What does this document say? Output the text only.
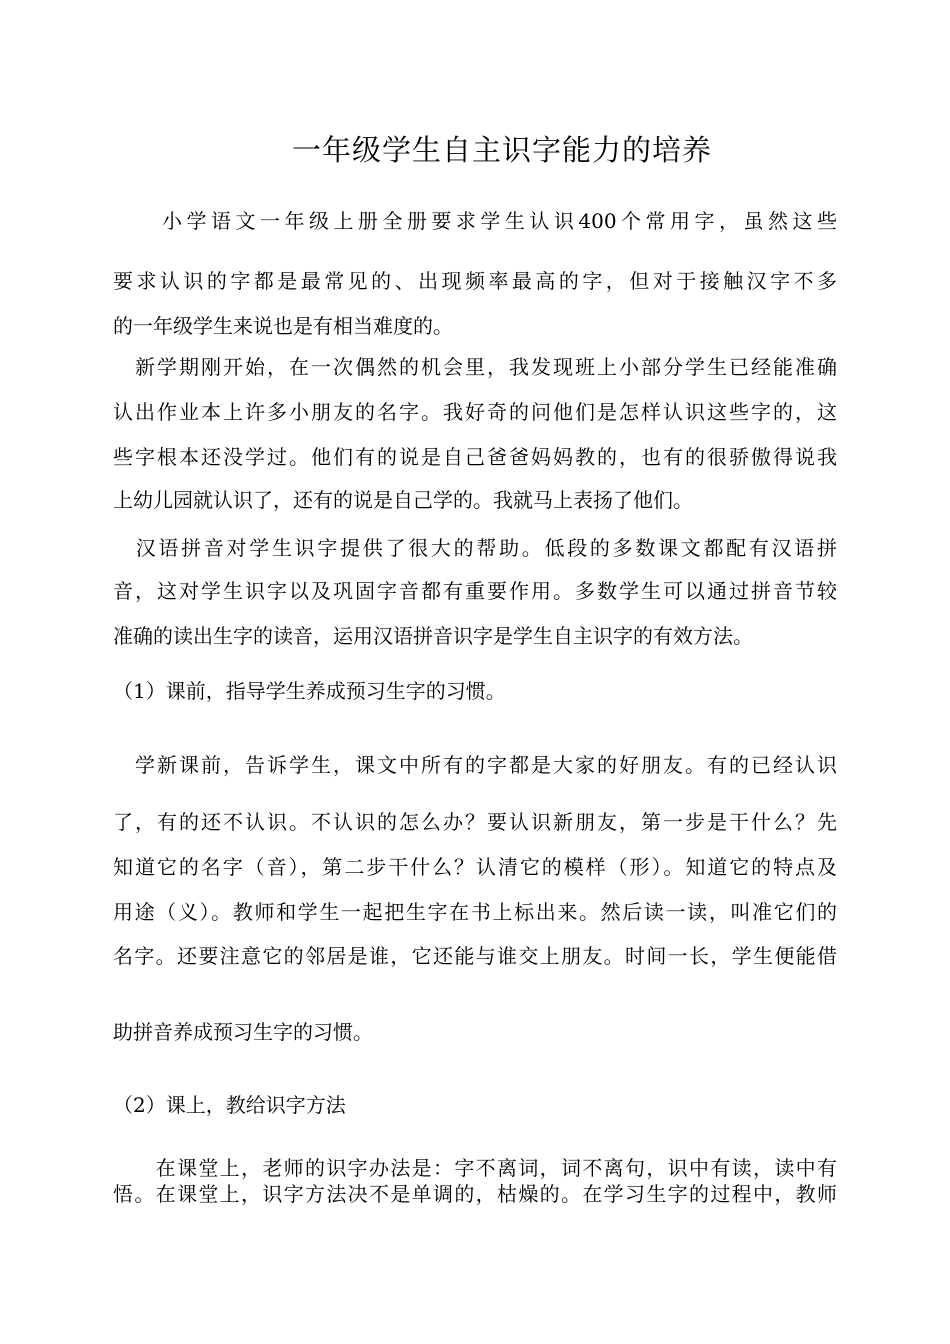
一年级学生自主识字能力的培养
　　小学语文一年级上册全册要求学生认识400个常用字，虽然这些
要求认识的字都是最常见的、出现频率最高的字，但对于接触汉字不多
的一年级学生来说也是有相当难度的。
　新学期刚开始，在一次偶然的机会里，我发现班上小部分学生已经能准确
认出作业本上许多小朋友的名字。我好奇的问他们是怎样认识这些字的，这
些字根本还没学过。他们有的说是自己爸爸妈妈教的，也有的很骄傲得说我
上幼儿园就认识了，还有的说是自己学的。我就马上表扬了他们。
　汉语拼音对学生识字提供了很大的帮助。低段的多数课文都配有汉语拼
音，这对学生识字以及巩固字音都有重要作用。多数学生可以通过拼音节较
准确的读出生字的读音，运用汉语拼音识字是学生自主识字的有效方法。
（1）课前，指导学生养成预习生字的习惯。
　学新课前，告诉学生，课文中所有的字都是大家的好朋友。有的已经认识
了，有的还不认识。不认识的怎么办？要认识新朋友，第一步是干什么？先
知道它的名字（音），第二步干什么？认清它的模样（形）。知道它的特点及
用途（义）。教师和学生一起把生字在书上标出来。然后读一读，叫准它们的
名字。还要注意它的邻居是谁，它还能与谁交上朋友。时间一长，学生便能借
助拼音养成预习生字的习惯。
（2）课上，教给识字方法
　　在课堂上，老师的识字办法是：字不离词，词不离句，识中有读，读中有
悟。在课堂上，识字方法决不是单调的，枯燥的。在学习生字的过程中，教师
